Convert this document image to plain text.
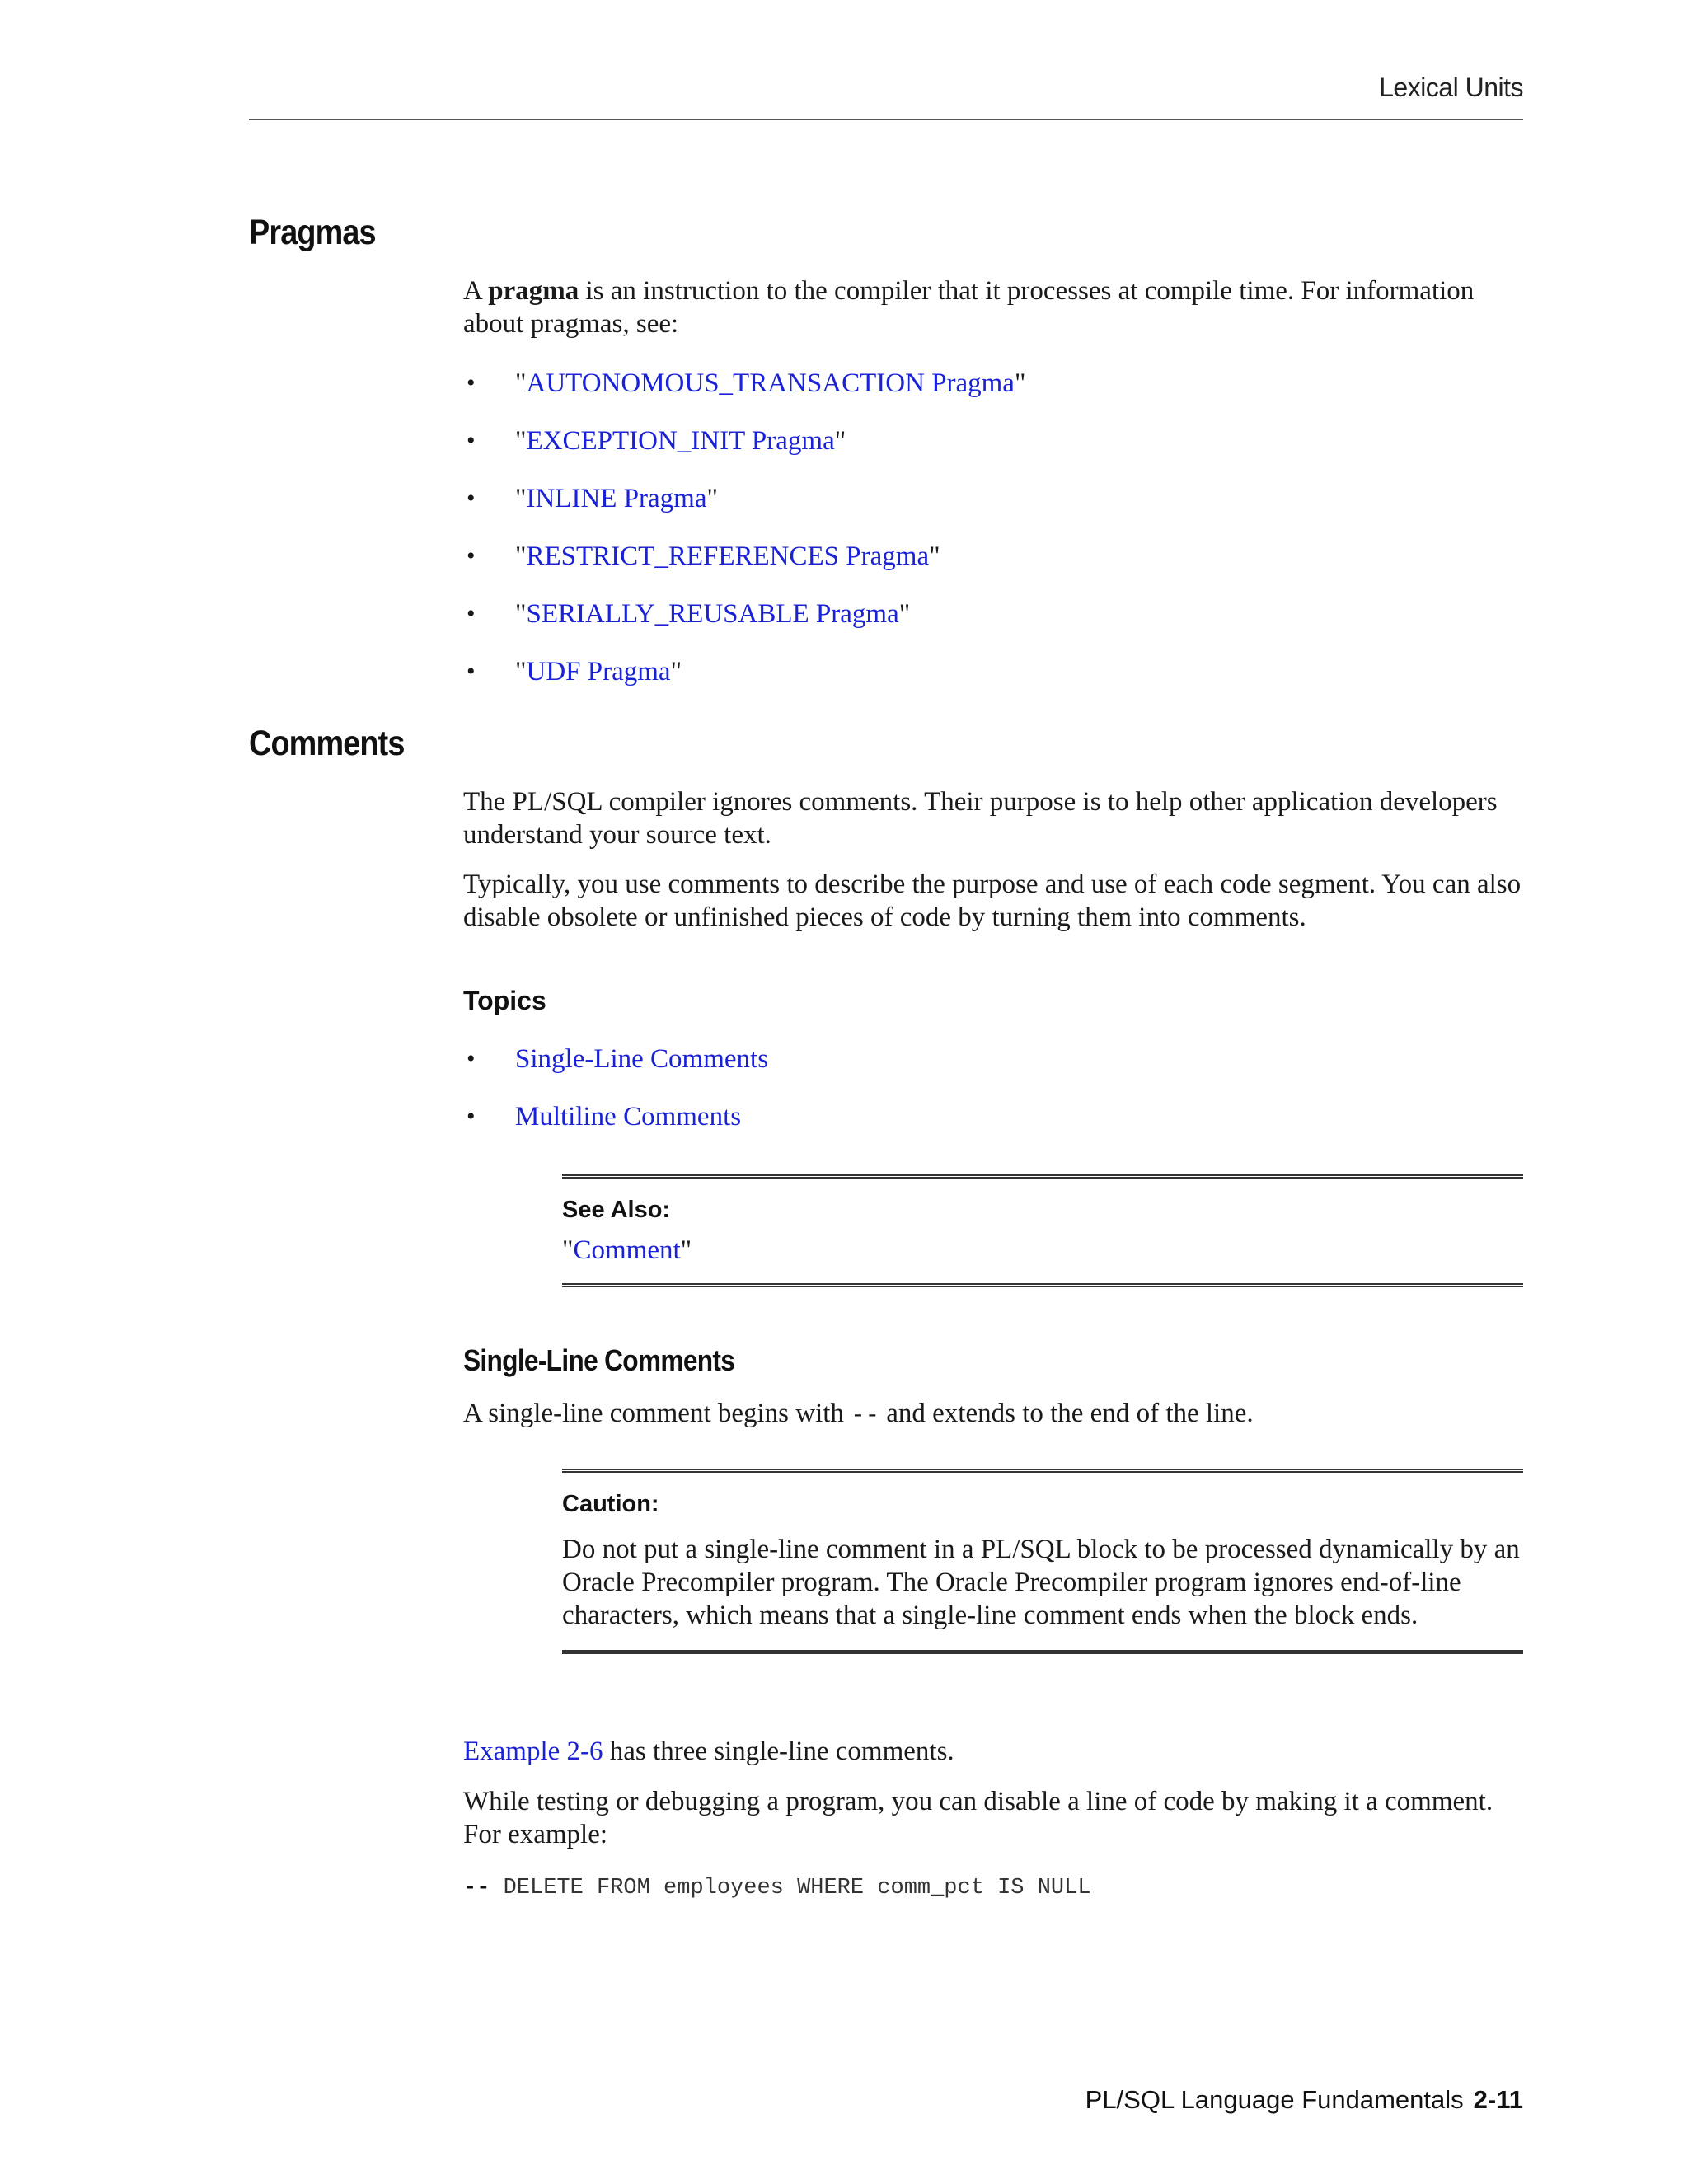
Lexical Units
Pragmas

A pragma is an instruction to the compiler that it processes at compile time. For information about pragmas, see:

• "AUTONOMOUS_TRANSACTION Pragma"
• "EXCEPTION_INIT Pragma"
• "INLINE Pragma"
• "RESTRICT_REFERENCES Pragma"
• "SERIALLY_REUSABLE Pragma"
• "UDF Pragma"
Comments

The PL/SQL compiler ignores comments. Their purpose is to help other application developers understand your source text.

Typically, you use comments to describe the purpose and use of each code segment. You can also disable obsolete or unfinished pieces of code by turning them into comments.

Topics

• Single-Line Comments
• Multiline Comments

See Also:

"Comment"

Single-Line Comments

A single-line comment begins with -- and extends to the end of the line.

Caution:

Do not put a single-line comment in a PL/SQL block to be processed dynamically by an Oracle Precompiler program. The Oracle Precompiler program ignores end-of-line characters, which means that a single-line comment ends when the block ends.

Example 2-6 has three single-line comments.

While testing or debugging a program, you can disable a line of code by making it a comment. For example:

-- DELETE FROM employees WHERE comm_pct IS NULL

PL/SQL Language Fundamentals 2-11
